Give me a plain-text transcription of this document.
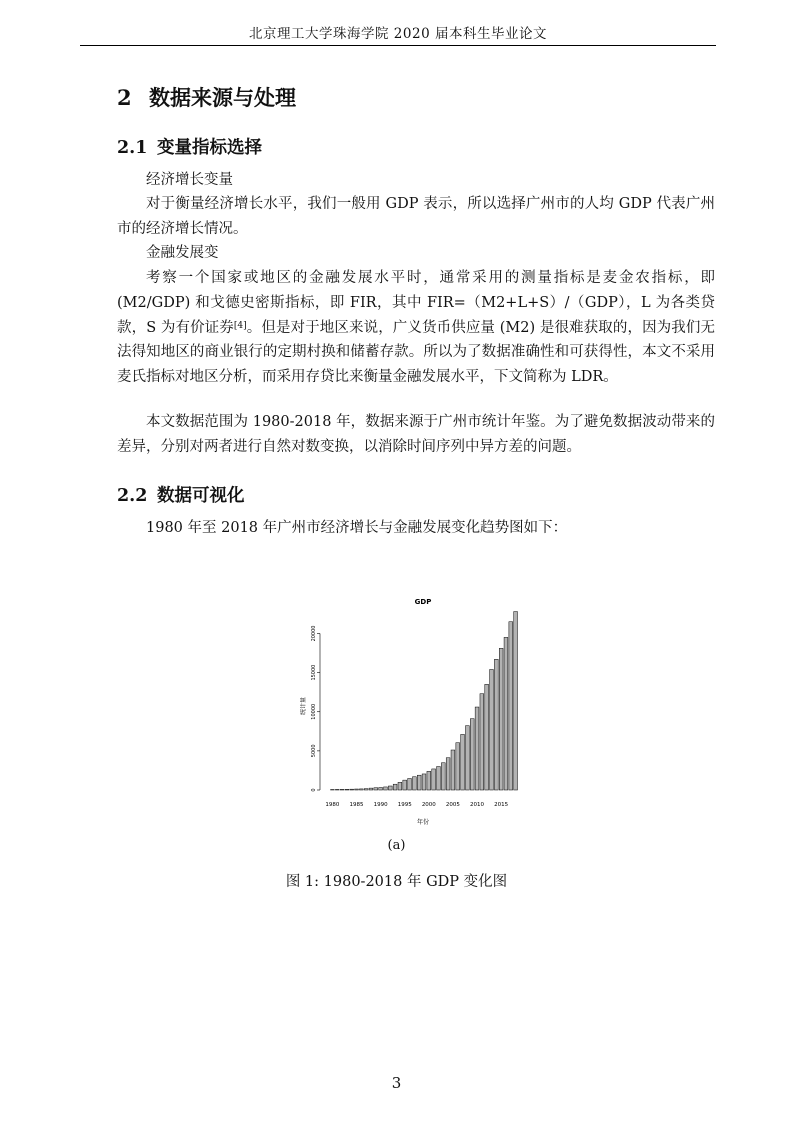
北京理工大学珠海学院 2020 届本科生毕业论文
2 数据来源与处理
2.1 变量指标选择

经济增长变量

对于衡量经济增长水平，我们一般用 GDP 表示，所以选择广州市的人均 GDP 代表广州市的经济增长情况。

金融发展变

考察一个国家或地区的金融发展水平时，通常采用的测量指标是麦金农指标，即 (M2/GDP) 和戈德史密斯指标，即 FIR，其中 FIR=（M2+L+S）/（GDP），L 为各类贷款，S 为有价证券[4]。但是对于地区来说，广义货币供应量 (M2) 是很难获取的，因为我们无法得知地区的商业银行的定期村换和储蓄存款。所以为了数据准确性和可获得性，本文不采用麦氏指标对地区分析，而采用存贷比来衡量金融发展水平，下文简称为 LDR。

本文数据范围为 1980-2018 年，数据来源于广州市统计年鉴。为了避免数据波动带来的差异，分别对两者进行自然对数变换，以消除时间序列中异方差的问题。

2.2 数据可视化

1980 年至 2018 年广州市经济增长与金融发展变化趋势图如下：

GDP
0
5000
10000
15000
20000
1980 1985 1990 1995 2000 2005 2010 2015
年份
统计量
(a)
图 1: 1980-2018 年 GDP 变化图
3
